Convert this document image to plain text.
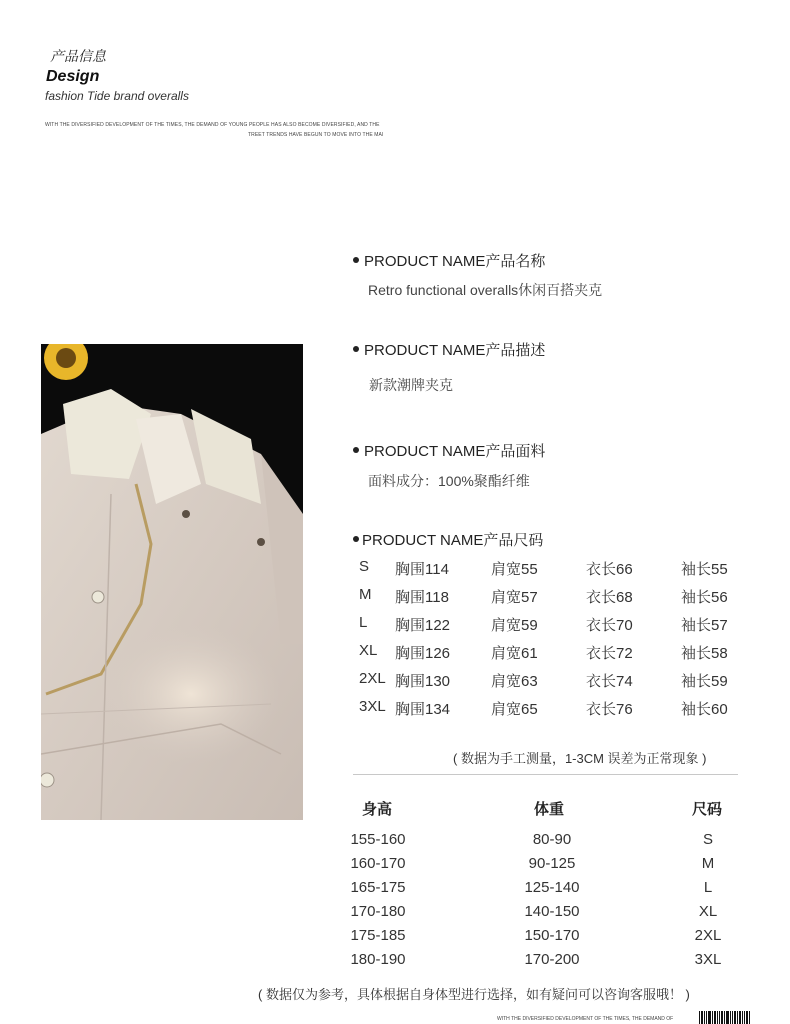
产品信息
Design
fashion Tide brand overalls
WITH THE DIVERSIFIED DEVELOPMENT OF THE TIMES, THE DEMAND OF YOUNG PEOPLE HAS ALSO BECOME DIVERSIFIED, AND THE
TREET TRENDS HAVE BEGUN TO MOVE INTO THE MAI
PRODUCT NAME产品名称
Retro functional overalls休闲百搭夹克
PRODUCT NAME产品描述
新款潮牌夹克
PRODUCT NAME产品面料
面料成分：100%聚酯纤维
PRODUCT NAME产品尺码
S 胸围114	肩宽55	衣长66	袖长55
M 胸围118	肩宽57	衣长68	袖长56
L 胸围122	肩宽59	衣长70	袖长57
XL 胸围126	肩宽61	衣长72	袖长58
2XL 胸围130	肩宽63	衣长74	袖长59
3XL 胸围134	肩宽65	衣长76	袖长60
( 数据为手工测量，1-3CM 误差为正常现象 )
身高	体重	尺码
155-160	80-90	S
160-170	90-125	M
165-175	125-140	L
170-180	140-150	XL
175-185	150-170	2XL
180-190	170-200	3XL
( 数据仅为参考，具体根据自身体型进行选择，如有疑问可以咨询客服哦！ )
WITH THE DIVERSIFIED DEVELOPMENT OF THE TIMES, THE DEMAND OF
